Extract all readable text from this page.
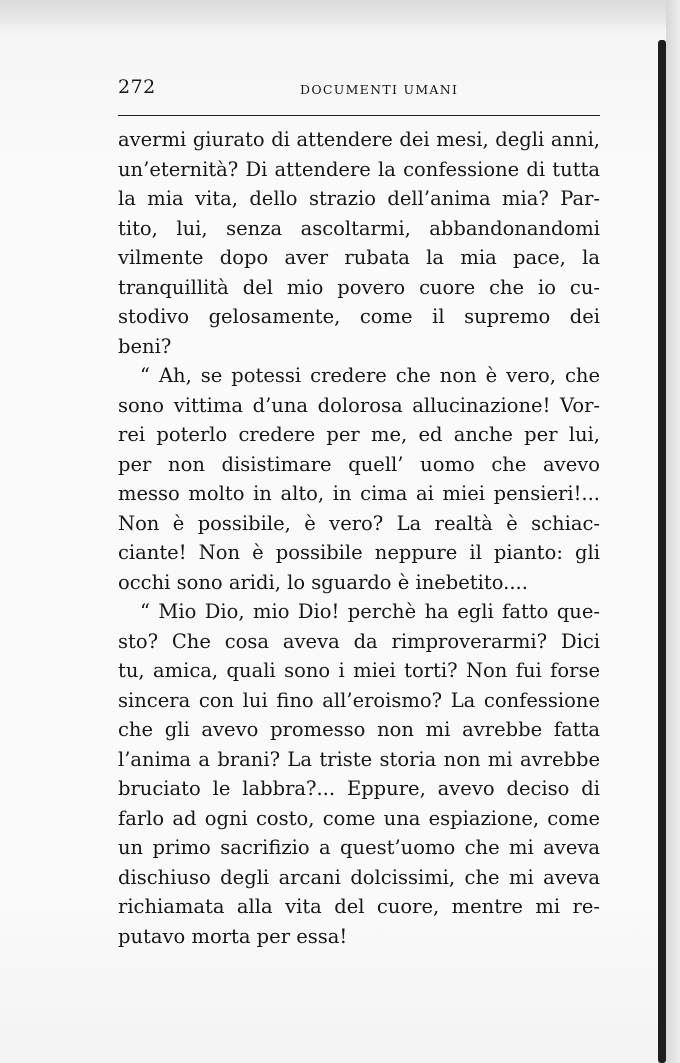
272	DOCUMENTI UMANI
avermi giurato di attendere dei mesi, degli anni,
un’eternità? Di attendere la confessione di tutta
la mia vita, dello strazio dell’anima mia? Par-
tito, lui, senza ascoltarmi, abbandonandomi
vilmente dopo aver rubata la mia pace, la
tranquillità del mio povero cuore che io cu-
stodivo gelosamente, come il supremo dei
beni?
“ Ah, se potessi credere che non è vero, che
sono vittima d’una dolorosa allucinazione! Vor-
rei poterlo credere per me, ed anche per lui,
per non disistimare quell’ uomo che avevo
messo molto in alto, in cima ai miei pensieri!...
Non è possibile, è vero? La realtà è schiac-
ciante! Non è possibile neppure il pianto: gli
occhi sono aridi, lo sguardo è inebetito....
“ Mio Dio, mio Dio! perchè ha egli fatto que-
sto? Che cosa aveva da rimproverarmi? Dici
tu, amica, quali sono i miei torti? Non fui forse
sincera con lui fino all’eroismo? La confessione
che gli avevo promesso non mi avrebbe fatta
l’anima a brani? La triste storia non mi avrebbe
bruciato le labbra?... Eppure, avevo deciso di
farlo ad ogni costo, come una espiazione, come
un primo sacrifizio a quest’uomo che mi aveva
dischiuso degli arcani dolcissimi, che mi aveva
richiamata alla vita del cuore, mentre mi re-
putavo morta per essa!
